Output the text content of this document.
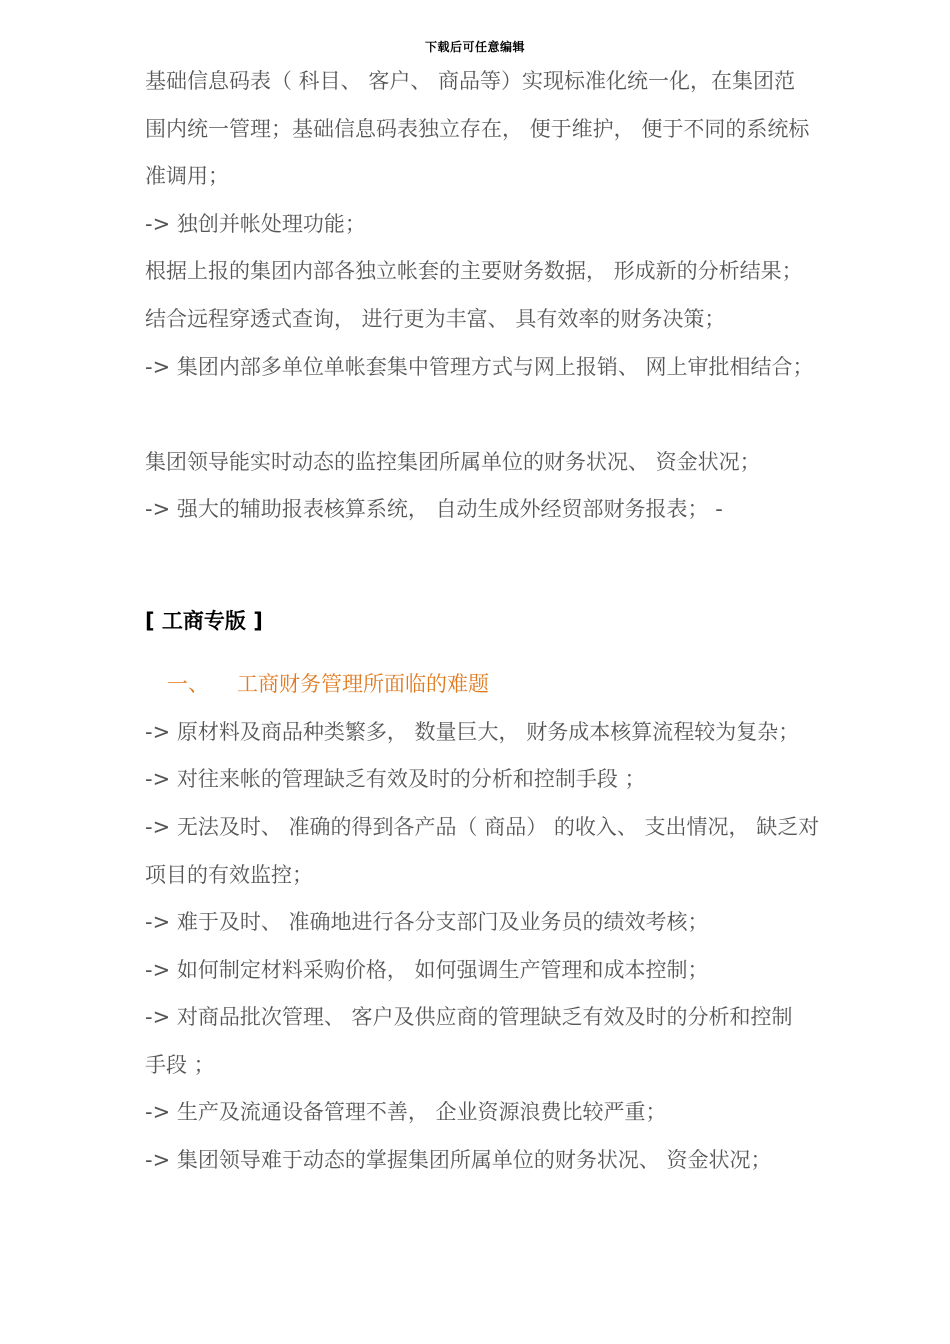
下载后可任意编辑
基础信息码表（ 科目、 客户、 商品等）实现标准化统一化，在集团范
围内统一管理；基础信息码表独立存在， 便于维护， 便于不同的系统标
准调用；
-> 独创并帐处理功能；
根据上报的集团内部各独立帐套的主要财务数据， 形成新的分析结果；
结合远程穿透式查询， 进行更为丰富、 具有效率的财务决策；
-> 集团内部多单位单帐套集中管理方式与网上报销、 网上审批相结合；
集团领导能实时动态的监控集团所属单位的财务状况、 资金状况；
-> 强大的辅助报表核算系统， 自动生成外经贸部财务报表； -
[ 工商专版 ]
一、 工商财务管理所面临的难题
-> 原材料及商品种类繁多， 数量巨大， 财务成本核算流程较为复杂；
-> 对往来帐的管理缺乏有效及时的分析和控制手段 ；
-> 无法及时、 准确的得到各产品（ 商品） 的收入、 支出情况， 缺乏对
项目的有效监控；
-> 难于及时、 准确地进行各分支部门及业务员的绩效考核；
-> 如何制定材料采购价格， 如何强调生产管理和成本控制；
-> 对商品批次管理、 客户及供应商的管理缺乏有效及时的分析和控制
手段 ；
-> 生产及流通设备管理不善， 企业资源浪费比较严重；
-> 集团领导难于动态的掌握集团所属单位的财务状况、 资金状况；
